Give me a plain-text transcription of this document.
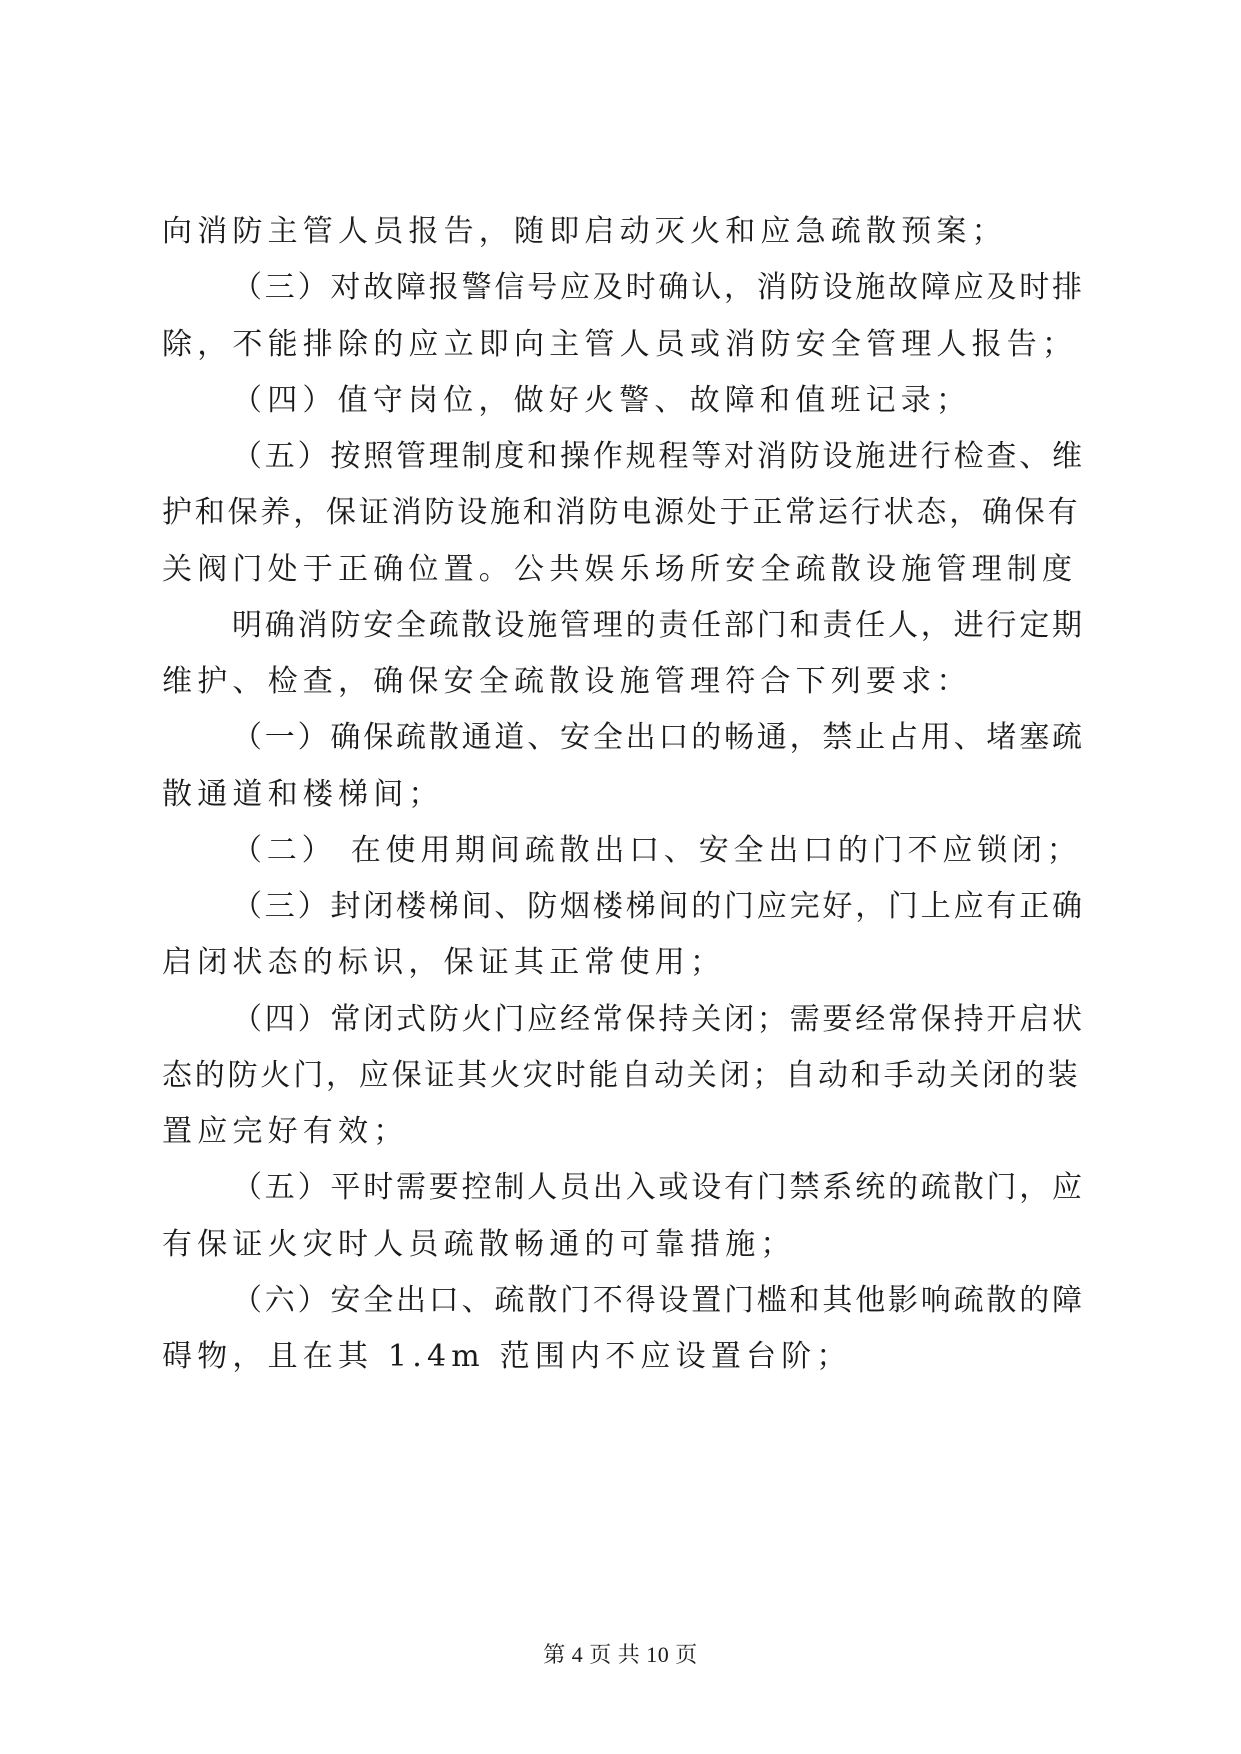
向消防主管人员报告，随即启动灭火和应急疏散预案；
（三）对故障报警信号应及时确认，消防设施故障应及时排
除，不能排除的应立即向主管人员或消防安全管理人报告；
（四）值守岗位，做好火警、故障和值班记录；
（五）按照管理制度和操作规程等对消防设施进行检查、维
护和保养，保证消防设施和消防电源处于正常运行状态，确保有
关阀门处于正确位置。公共娱乐场所安全疏散设施管理制度
明确消防安全疏散设施管理的责任部门和责任人，进行定期
维护、检查，确保安全疏散设施管理符合下列要求：
（一）确保疏散通道、安全出口的畅通，禁止占用、堵塞疏
散通道和楼梯间；
（二） 在使用期间疏散出口、安全出口的门不应锁闭；
（三）封闭楼梯间、防烟楼梯间的门应完好，门上应有正确
启闭状态的标识，保证其正常使用；
（四）常闭式防火门应经常保持关闭；需要经常保持开启状
态的防火门，应保证其火灾时能自动关闭；自动和手动关闭的装
置应完好有效；
（五）平时需要控制人员出入或设有门禁系统的疏散门，应
有保证火灾时人员疏散畅通的可靠措施；
（六）安全出口、疏散门不得设置门槛和其他影响疏散的障
碍物，且在其 1.4m 范围内不应设置台阶；
第 4 页 共 10 页
